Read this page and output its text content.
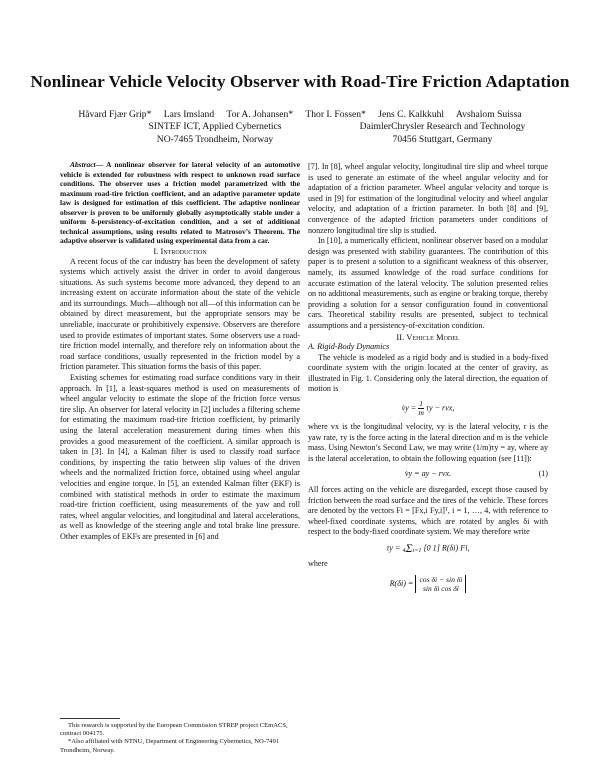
Nonlinear Vehicle Velocity Observer with Road-Tire Friction Adaptation
Håvard Fjær Grip* Lars Imsland Tor A. Johansen* Thor I. Fossen* Jens C. Kalkkuhl Avshalom Suissa
SINTEF ICT, Applied Cybernetics
NO-7465 Trondheim, Norway
DaimlerChrysler Research and Technology
70456 Stuttgart, Germany

Abstract— A nonlinear observer for lateral velocity of an automotive vehicle is extended for robustness with respect to unknown road surface conditions. The observer uses a friction model parametrized with the maximum road-tire friction coefficient, and an adaptive parameter update law is designed for estimation of this coefficient. The adaptive nonlinear observer is proven to be uniformly globally asymptotically stable under a uniform δ-persistency-of-excitation condition, and a set of additional technical assumptions, using results related to Matrosov’s Theorem. The adaptive observer is validated using experimental data from a car.

I. Introduction

A recent focus of the car industry has been the development of safety systems which actively assist the driver in order to avoid dangerous situations. As such systems become more advanced, they depend to an increasing extent on accurate information about the state of the vehicle and its surroundings. Much—although not all—of this information can be obtained by direct measurement, but the appropriate sensors may be unreliable, inaccurate or prohibitively expensive. Observers are therefore used to provide estimates of important states. Some observers use a road-tire friction model internally, and therefore rely on information about the road surface conditions, usually represented in the friction model by a friction parameter. This situation forms the basis of this paper.

Existing schemes for estimating road surface conditions vary in their approach. In [1], a least-squares method is used on measurements of wheel angular velocity to estimate the slope of the friction force versus tire slip. An observer for lateral velocity in [2] includes a filtering scheme for estimating the maximum road-tire friction coefficient, by primarily using the lateral acceleration measurement during times when this provides a good measurement of the coefficient. A similar approach is taken in [3]. In [4], a Kalman filter is used to classify road surface conditions, by inspecting the ratio between slip values of the driven wheels and the normalized friction force, obtained using wheel angular velocities and engine torque. In [5], an extended Kalman filter (EKF) is combined with statistical methods in order to estimate the maximum road-tire friction coefficient, using measurements of the yaw and roll rates, wheel angular velocities, and longitudinal and lateral accelerations, as well as knowledge of the steering angle and total brake line pressure. Other examples of EKFs are presented in [6] and

[7]. In [8], wheel angular velocity, longitudinal tire slip and wheel torque is used to generate an estimate of the wheel angular velocity and for adaptation of a friction parameter. Wheel angular velocity and torque is used in [9] for estimation of the longitudinal velocity and wheel angular velocity, and adaptation of a friction parameter. In both [8] and [9], convergence of the adapted friction parameters under conditions of nonzero longitudinal tire slip is studied.

In [10], a numerically efficient, nonlinear observer based on a modular design was presented with stability guarantees. The contribution of this paper is to present a solution to a significant weakness of this observer, namely, its assumed knowledge of the road surface conditions for accurate estimation of the lateral velocity. The solution presented relies on no additional measurements, such as engine or braking torque, thereby providing a solution for a sensor configuration found in conventional cars. Theoretical stability results are presented, subject to technical assumptions and a persistency-of-excitation condition.

II. Vehicle Model

A. Rigid-Body Dynamics

The vehicle is modeled as a rigid body and is studied in a body-fixed coordinate system with the origin located at the center of gravity, as illustrated in Fig. 1. Considering only the lateral direction, the equation of motion is

v̇y = $\frac{1}{m}$ τy − rvx,

where vx is the longitudinal velocity, vy is the lateral velocity, r is the yaw rate, τy is the force acting in the lateral direction and m is the vehicle mass. Using Newton’s Second Law, we may write (1/m)τy = ay, where ay is the lateral acceleration, to obtain the following equation (see [11]):

v̇y = ay − rvx.	(1)

All forces acting on the vehicle are disregarded, except those caused by friction between the road surface and the tires of the vehicle. These forces are denoted by the vectors Fi = [Fx,i Fy,i]ᵀ, i = 1, …, 4, with reference to wheel-fixed coordinate systems, which are rotated by angles δi with respect to the body-fixed coordinate system. We may therefore write

τy = 4Σi=1 [0 1] R(δi) Fi,

where

R(δi) = cos δi − sin δi
sin δi cos δi

This research is supported by the European Commission STREP project CEmACS, contract 004175.

*Also affiliated with NTNU, Department of Engineering Cybernetics, NO-7491 Trondheim, Norway.
